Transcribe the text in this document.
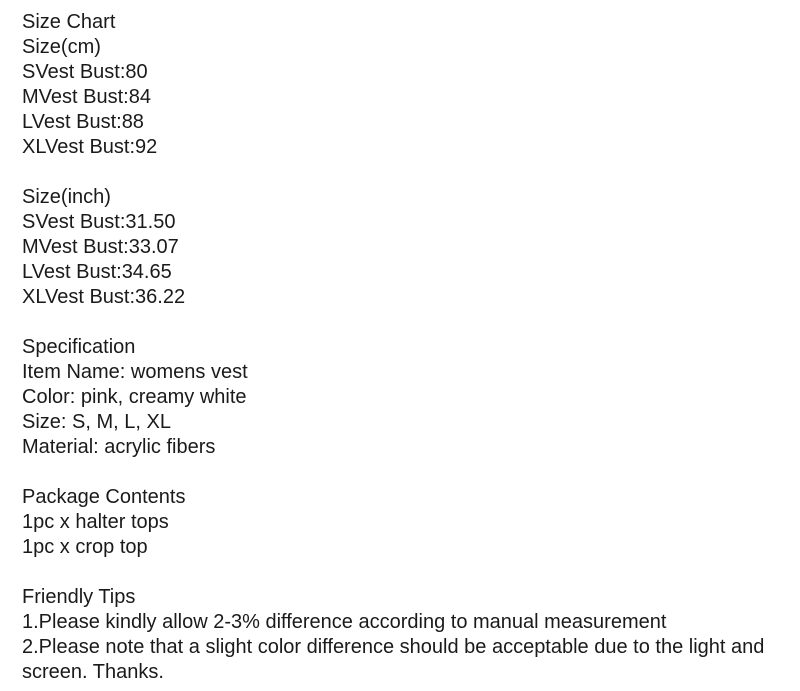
Size Chart
Size(cm)
SVest Bust:80
MVest Bust:84
LVest Bust:88
XLVest Bust:92
Size(inch)
SVest Bust:31.50
MVest Bust:33.07
LVest Bust:34.65
XLVest Bust:36.22
Specification
Item Name: womens vest
Color: pink, creamy white
Size: S, M, L, XL
Material: acrylic fibers
Package Contents
1pc x halter tops
1pc x crop top
Friendly Tips
1.Please kindly allow 2-3% difference according to manual measurement
2.Please note that a slight color difference should be acceptable due to the light and screen. Thanks.
